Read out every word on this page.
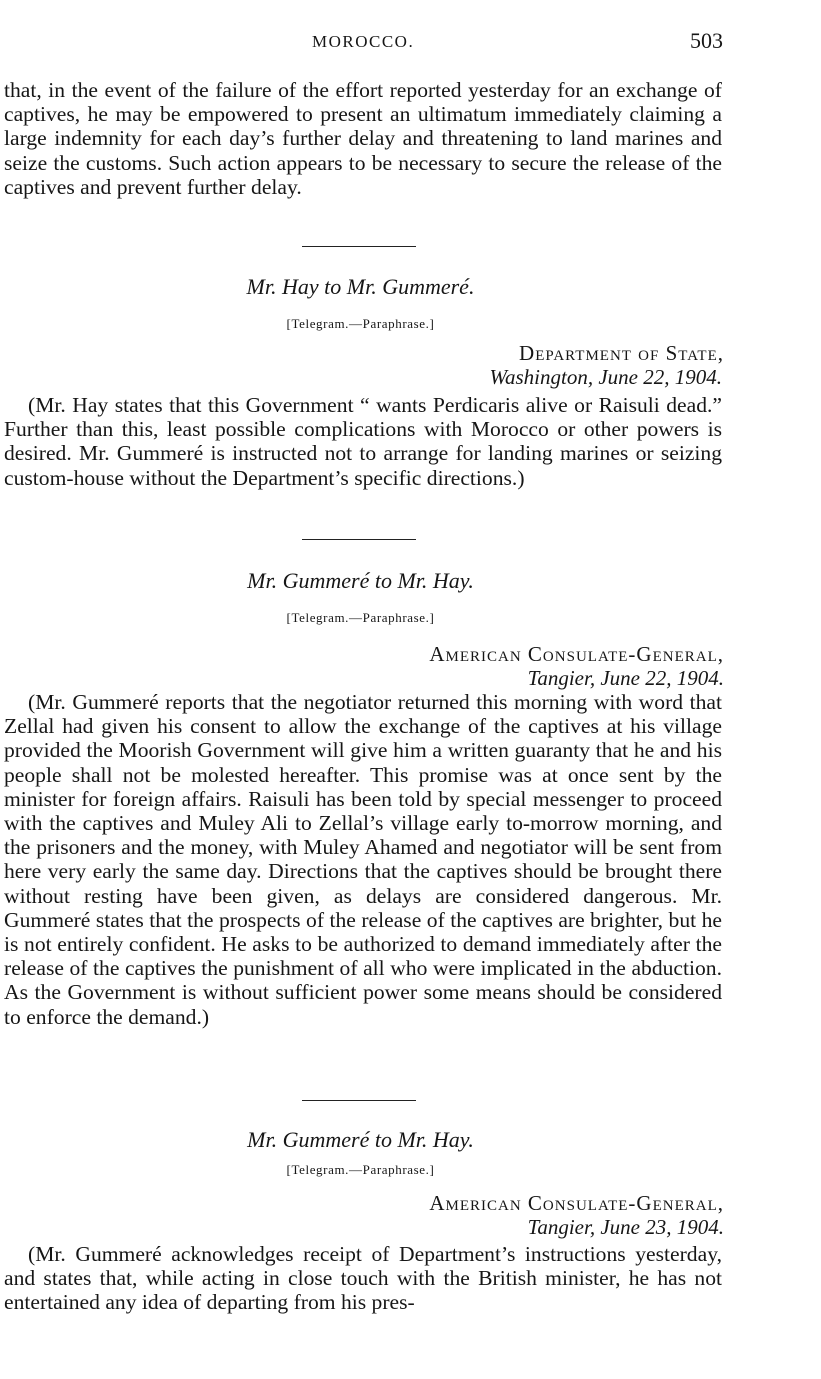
MOROCCO.	503

that, in the event of the failure of the effort reported yesterday for an exchange of captives, he may be empowered to present an ultimatum immediately claiming a large indemnity for each day’s further delay and threatening to land marines and seize the customs. Such action appears to be necessary to secure the release of the captives and prevent further delay.

Mr. Hay to Mr. Gummeré.
[Telegram.—Paraphrase.]
Department of State,
Washington, June 22, 1904.

(Mr. Hay states that this Government “ wants Perdicaris alive or Raisuli dead.” Further than this, least possible complications with Morocco or other powers is desired. Mr. Gummeré is instructed not to arrange for landing marines or seizing custom-house without the Department’s specific directions.)

Mr. Gummeré to Mr. Hay.
[Telegram.—Paraphrase.]
American Consulate-General,
Tangier, June 22, 1904.

(Mr. Gummeré reports that the negotiator returned this morning with word that Zellal had given his consent to allow the exchange of the captives at his village provided the Moorish Government will give him a written guaranty that he and his people shall not be molested hereafter. This promise was at once sent by the minister for foreign affairs. Raisuli has been told by special messenger to proceed with the captives and Muley Ali to Zellal’s village early to-morrow morning, and the prisoners and the money, with Muley Ahamed and negotiator will be sent from here very early the same day. Directions that the captives should be brought there without resting have been given, as delays are considered dangerous. Mr. Gummeré states that the prospects of the release of the captives are brighter, but he is not entirely confident. He asks to be authorized to demand immediately after the release of the captives the punishment of all who were implicated in the abduction. As the Government is without sufficient power some means should be considered to enforce the demand.)

Mr. Gummeré to Mr. Hay.
[Telegram.—Paraphrase.]
American Consulate-General,
Tangier, June 23, 1904.

(Mr. Gummeré acknowledges receipt of Department’s instructions yesterday, and states that, while acting in close touch with the British minister, he has not entertained any idea of departing from his pres-
